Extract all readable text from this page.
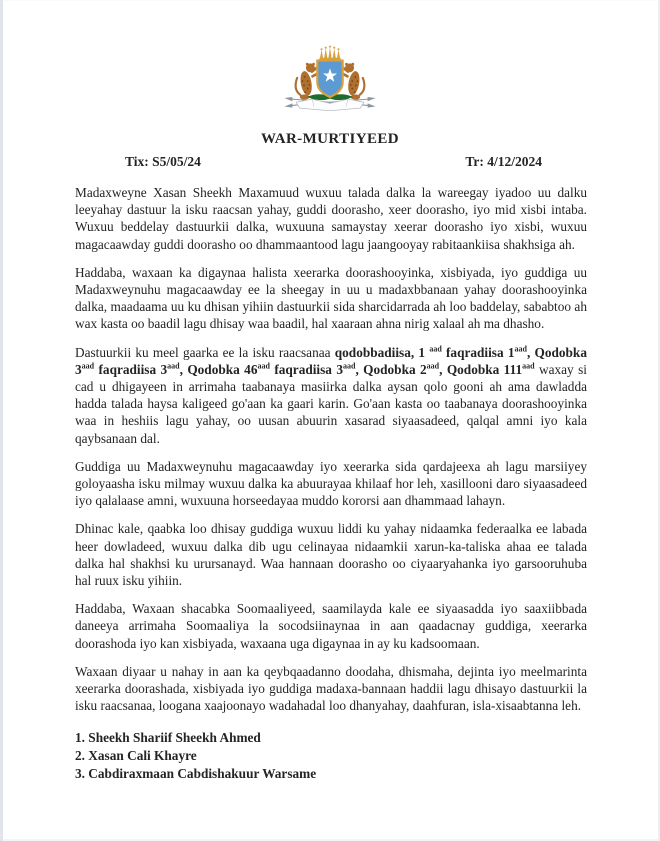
WAR-MURTIYEED
Tix: S5/05/24	Tr: 4/12/2024

Madaxweyne Xasan Sheekh Maxamuud wuxuu talada dalka la wareegay iyadoo uu dalku leeyahay dastuur la isku raacsan yahay, guddi doorasho, xeer doorasho, iyo mid xisbi intaba. Wuxuu beddelay dastuurkii dalka, wuxuuna samaystay xeerar doorasho iyo xisbi, wuxuu magacaawday guddi doorasho oo dhammaantood lagu jaangooyay rabitaankiisa shakhsiga ah.

Haddaba, waxaan ka digaynaa halista xeerarka doorashooyinka, xisbiyada, iyo guddiga uu Madaxweynuhu magacaawday ee la sheegay in uu u madaxbbanaan yahay doorashooyinka dalka, maadaama uu ku dhisan yihiin dastuurkii sida sharcidarrada ah loo baddelay, sababtoo ah wax kasta oo baadil lagu dhisay waa baadil, hal xaaraan ahna nirig xalaal ah ma dhasho.

Dastuurkii ku meel gaarka ee la isku raacsanaa qodobbadiisa, 1 $^{aad}$ faqradiisa $1^{aad}$, Qodobka $3^{aad}$ faqradiisa $3^{aad}$, Qodobka $46^{aad}$ faqradiisa $3^{aad}$, Qodobka $2^{aad}$, Qodobka $111^{aad}$ waxay si cad u dhigayeen in arrimaha taabanaya masiirka dalka aysan qolo gooni ah ama dawladda hadda talada haysa kaligeed go'aan ka gaari karin. Go'aan kasta oo taabanaya doorashooyinka waa in heshiis lagu yahay, oo uusan abuurin xasarad siyaasadeed, qalqal amni iyo kala qaybsanaan dal.

Guddiga uu Madaxweynuhu magacaawday iyo xeerarka sida qardajeexa ah lagu marsiiyey goloyaasha isku milmay wuxuu dalka ka abuurayaa khilaaf hor leh, xasillooni daro siyaasadeed iyo qalalaase amni, wuxuuna horseedayaa muddo kororsi aan dhammaad lahayn.

Dhinac kale, qaabka loo dhisay guddiga wuxuu liddi ku yahay nidaamka federaalka ee labada heer dowladeed, wuxuu dalka dib ugu celinayaa nidaamkii xarun-ka-taliska ahaa ee talada dalka hal shakhsi ku urursanayd. Waa hannaan doorasho oo ciyaaryahanka iyo garsooruhuba hal ruux isku yihiin.

Haddaba, Waxaan shacabka Soomaaliyeed, saamilayda kale ee siyaasadda iyo saaxiibbada daneeya arrimaha Soomaaliya la socodsiinaynaa in aan qaadacnay guddiga, xeerarka doorashoda iyo kan xisbiyada, waxaana uga digaynaa in ay ku kadsoomaan.

Waxaan diyaar u nahay in aan ka qeybqaadanno doodaha, dhismaha, dejinta iyo meelmarinta xeerarka doorashada, xisbiyada iyo guddiga madaxa-bannaan haddii lagu dhisayo dastuurkii la isku raacsanaa, loogana xaajoonayo wadahadal loo dhanyahay, daahfuran, isla-xisaabtanna leh.

1. Sheekh Shariif Sheekh Ahmed

2. Xasan Cali Khayre

3. Cabdiraxmaan Cabdishakuur Warsame
